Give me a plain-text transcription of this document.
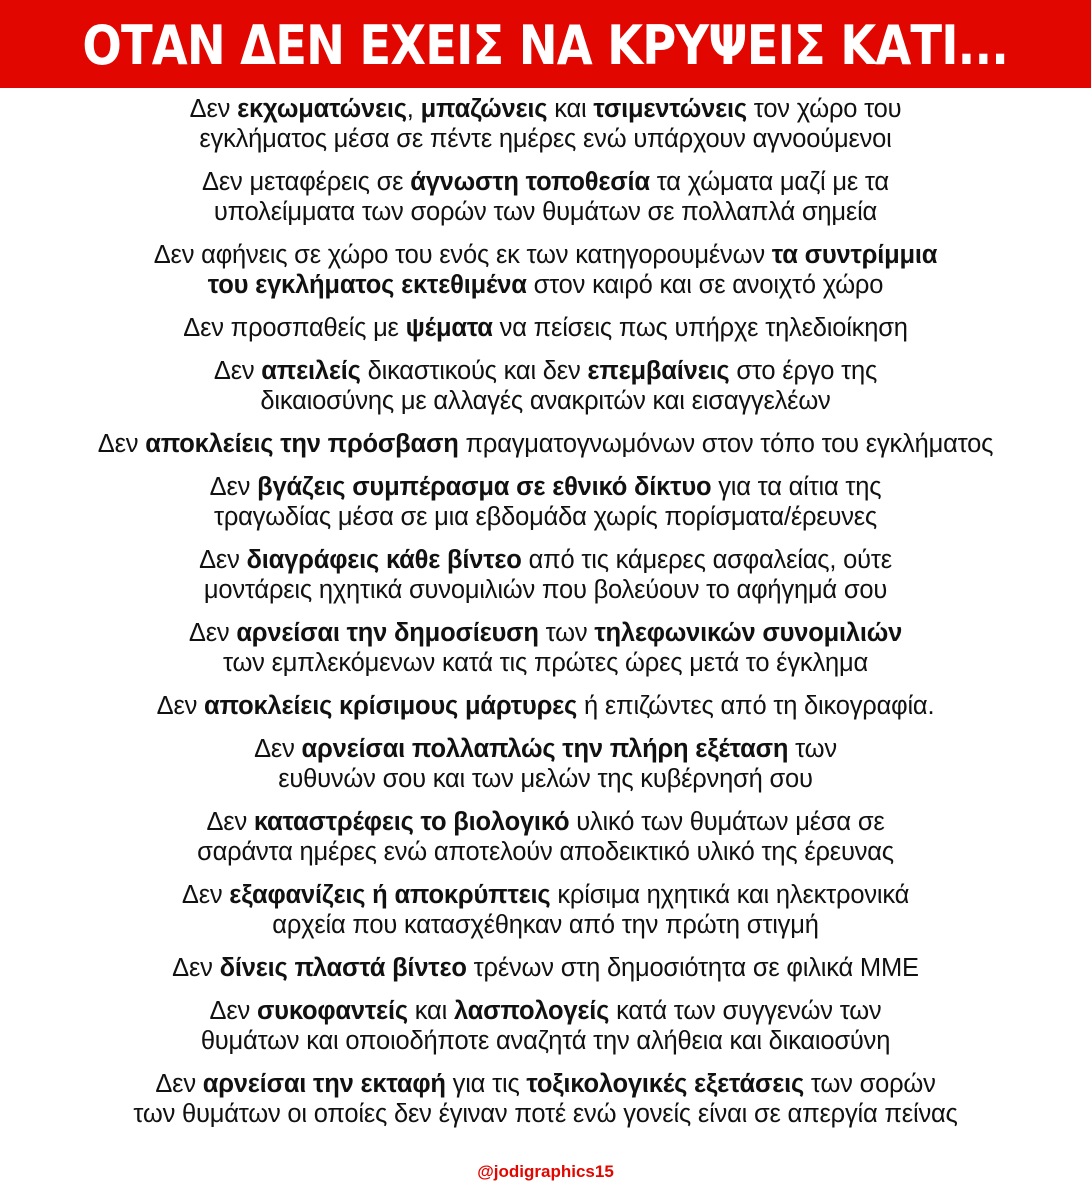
ΟΤΑΝ ΔΕΝ ΕΧΕΙΣ ΝΑ ΚΡΥΨΕΙΣ ΚΑΤΙ...
Δεν εκχωματώνεις, μπαζώνεις και τσιμεντώνεις τον χώρο του
εγκλήματος μέσα σε πέντε ημέρες ενώ υπάρχουν αγνοούμενοι
Δεν μεταφέρεις σε άγνωστη τοποθεσία τα χώματα μαζί με τα
υπολείμματα των σορών των θυμάτων σε πολλαπλά σημεία
Δεν αφήνεις σε χώρο του ενός εκ των κατηγορουμένων τα συντρίμμια
του εγκλήματος εκτεθιμένα στον καιρό και σε ανοιχτό χώρο
Δεν προσπαθείς με ψέματα να πείσεις πως υπήρχε τηλεδιοίκηση
Δεν απειλείς δικαστικούς και δεν επεμβαίνεις στο έργο της
δικαιοσύνης με αλλαγές ανακριτών και εισαγγελέων
Δεν αποκλείεις την πρόσβαση πραγματογνωμόνων στον τόπο του εγκλήματος
Δεν βγάζεις συμπέρασμα σε εθνικό δίκτυο για τα αίτια της
τραγωδίας μέσα σε μια εβδομάδα χωρίς πορίσματα/έρευνες
Δεν διαγράφεις κάθε βίντεο από τις κάμερες ασφαλείας, ούτε
μοντάρεις ηχητικά συνομιλιών που βολεύουν το αφήγημά σου
Δεν αρνείσαι την δημοσίευση των τηλεφωνικών συνομιλιών
των εμπλεκόμενων κατά τις πρώτες ώρες μετά το έγκλημα
Δεν αποκλείεις κρίσιμους μάρτυρες ή επιζώντες από τη δικογραφία.
Δεν αρνείσαι πολλαπλώς την πλήρη εξέταση των
ευθυνών σου και των μελών της κυβέρνησή σου
Δεν καταστρέφεις το βιολογικό υλικό των θυμάτων μέσα σε
σαράντα ημέρες ενώ αποτελούν αποδεικτικό υλικό της έρευνας
Δεν εξαφανίζεις ή αποκρύπτεις κρίσιμα ηχητικά και ηλεκτρονικά
αρχεία που κατασχέθηκαν από την πρώτη στιγμή
Δεν δίνεις πλαστά βίντεο τρένων στη δημοσιότητα σε φιλικά ΜΜΕ
Δεν συκοφαντείς και λασπολογείς κατά των συγγενών των
θυμάτων και οποιοδήποτε αναζητά την αλήθεια και δικαιοσύνη
Δεν αρνείσαι την εκταφή για τις τοξικολογικές εξετάσεις των σορών
των θυμάτων οι οποίες δεν έγιναν ποτέ ενώ γονείς είναι σε απεργία πείνας
@jodigraphics15
